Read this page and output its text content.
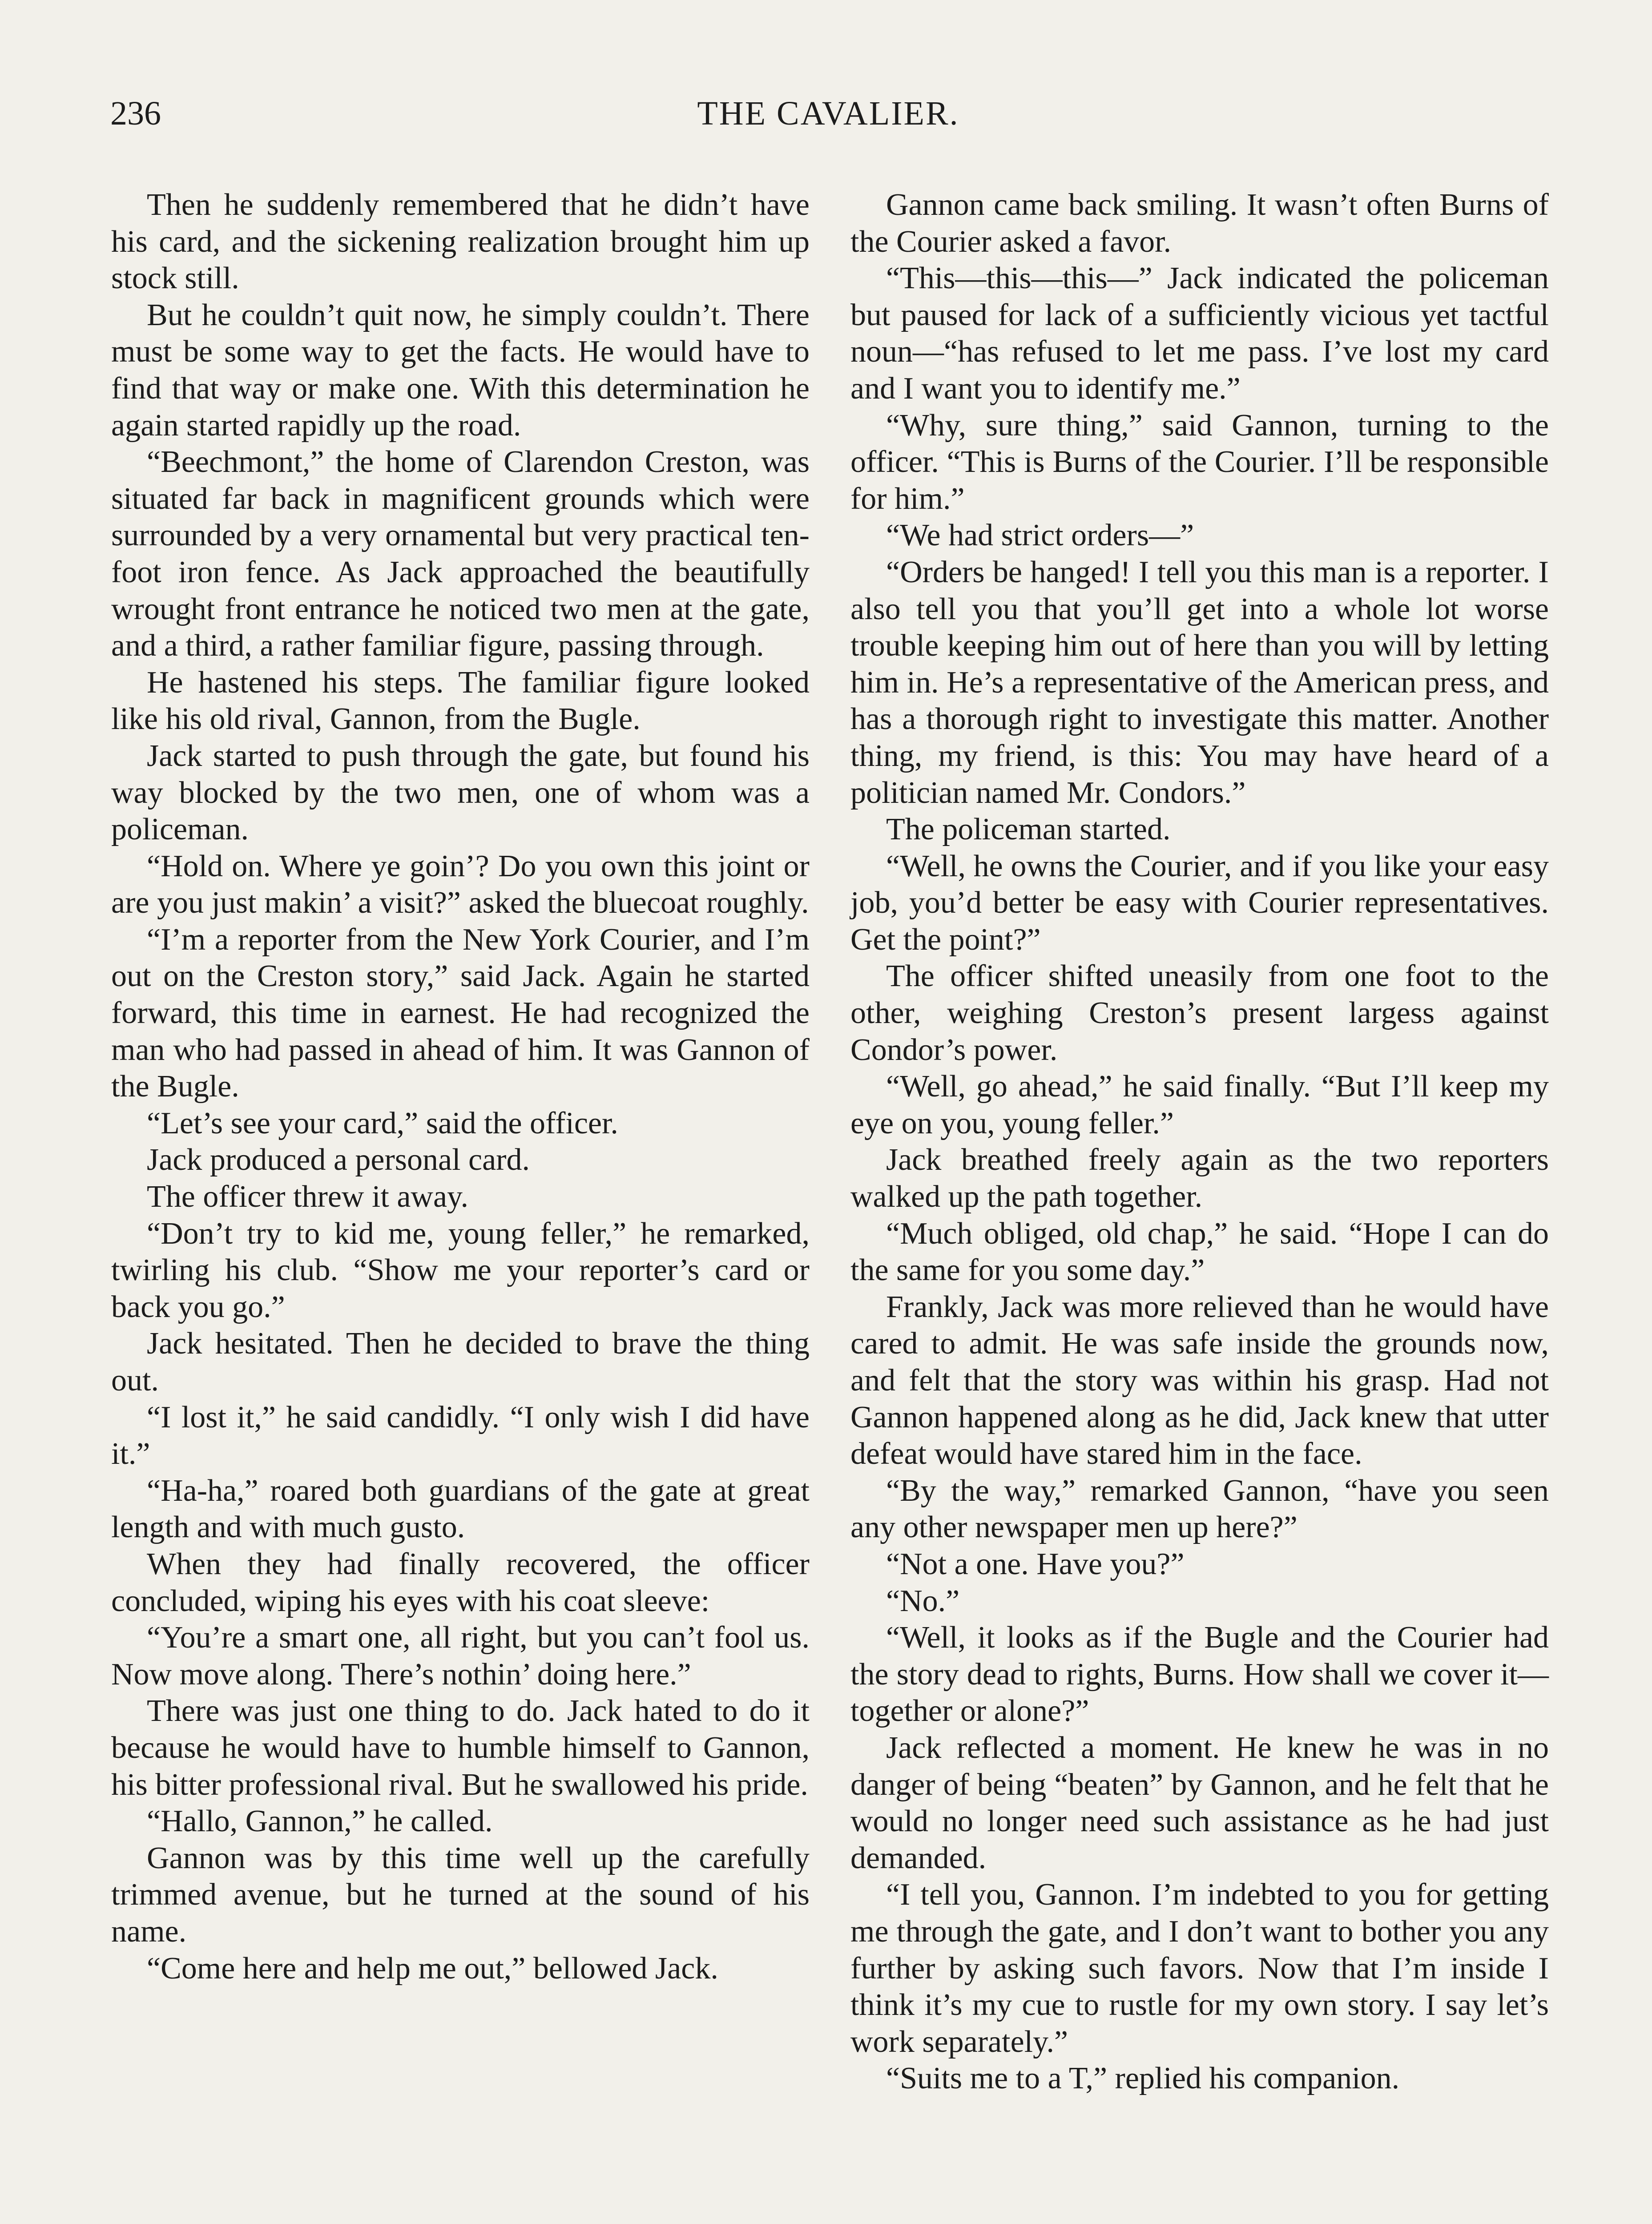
236	THE CAVALIER.

Then he suddenly remembered that he didn’t have his card, and the sickening realization brought him up stock still.

But he couldn’t quit now, he simply couldn’t. There must be some way to get the facts. He would have to find that way or make one. With this determination he again started rapidly up the road.

“Beechmont,” the home of Clarendon Creston, was situated far back in magnificent grounds which were surrounded by a very ornamental but very practical ten-foot iron fence. As Jack approached the beautifully wrought front entrance he noticed two men at the gate, and a third, a rather familiar figure, passing through.

He hastened his steps. The familiar figure looked like his old rival, Gannon, from the Bugle.

Jack started to push through the gate, but found his way blocked by the two men, one of whom was a policeman.

“Hold on. Where ye goin’? Do you own this joint or are you just makin’ a visit?” asked the bluecoat roughly.

“I’m a reporter from the New York Courier, and I’m out on the Creston story,” said Jack. Again he started forward, this time in earnest. He had recognized the man who had passed in ahead of him. It was Gannon of the Bugle.

“Let’s see your card,” said the officer.

Jack produced a personal card.

The officer threw it away.

“Don’t try to kid me, young feller,” he remarked, twirling his club. “Show me your reporter’s card or back you go.”

Jack hesitated. Then he decided to brave the thing out.

“I lost it,” he said candidly. “I only wish I did have it.”

“Ha-ha,” roared both guardians of the gate at great length and with much gusto.

When they had finally recovered, the officer concluded, wiping his eyes with his coat sleeve:

“You’re a smart one, all right, but you can’t fool us. Now move along. There’s nothin’ doing here.”

There was just one thing to do. Jack hated to do it because he would have to humble himself to Gannon, his bitter professional rival. But he swallowed his pride.

“Hallo, Gannon,” he called.

Gannon was by this time well up the carefully trimmed avenue, but he turned at the sound of his name.

“Come here and help me out,” bellowed Jack.

Gannon came back smiling. It wasn’t often Burns of the Courier asked a favor.

“This—this—this—” Jack indicated the policeman but paused for lack of a sufficiently vicious yet tactful noun—“has refused to let me pass. I’ve lost my card and I want you to identify me.”

“Why, sure thing,” said Gannon, turning to the officer. “This is Burns of the Courier. I’ll be responsible for him.”

“We had strict orders—”

“Orders be hanged! I tell you this man is a reporter. I also tell you that you’ll get into a whole lot worse trouble keeping him out of here than you will by letting him in. He’s a representative of the American press, and has a thorough right to investigate this matter. Another thing, my friend, is this: You may have heard of a politician named Mr. Condors.”

The policeman started.

“Well, he owns the Courier, and if you like your easy job, you’d better be easy with Courier representatives. Get the point?”

The officer shifted uneasily from one foot to the other, weighing Creston’s present largess against Condor’s power.

“Well, go ahead,” he said finally. “But I’ll keep my eye on you, young feller.”

Jack breathed freely again as the two reporters walked up the path together.

“Much obliged, old chap,” he said. “Hope I can do the same for you some day.”

Frankly, Jack was more relieved than he would have cared to admit. He was safe inside the grounds now, and felt that the story was within his grasp. Had not Gannon happened along as he did, Jack knew that utter defeat would have stared him in the face.

“By the way,” remarked Gannon, “have you seen any other newspaper men up here?”

“Not a one. Have you?”

“No.”

“Well, it looks as if the Bugle and the Courier had the story dead to rights, Burns. How shall we cover it—together or alone?”

Jack reflected a moment. He knew he was in no danger of being “beaten” by Gannon, and he felt that he would no longer need such assistance as he had just demanded.

“I tell you, Gannon. I’m indebted to you for getting me through the gate, and I don’t want to bother you any further by asking such favors. Now that I’m inside I think it’s my cue to rustle for my own story. I say let’s work separately.”

“Suits me to a T,” replied his companion.
